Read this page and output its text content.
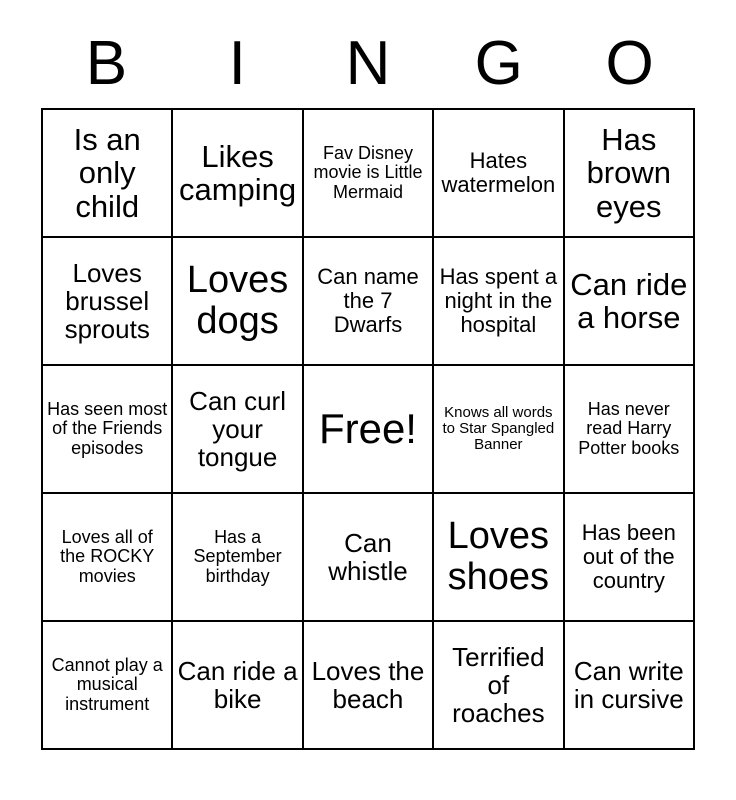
B	I	N	G	O
Is an only child	Likes camping	Fav Disney movie is Little Mermaid	Hates watermelon	Has brown eyes
Loves brussel sprouts	Loves dogs	Can name the 7 Dwarfs	Has spent a night in the hospital	Can ride a horse
Has seen most of the Friends episodes	Can curl your tongue	Free!	Knows all words to Star Spangled Banner	Has never read Harry Potter books
Loves all of the ROCKY movies	Has a September birthday	Can whistle	Loves shoes	Has been out of the country
Cannot play a musical instrument	Can ride a bike	Loves the beach	Terrified of roaches	Can write in cursive
